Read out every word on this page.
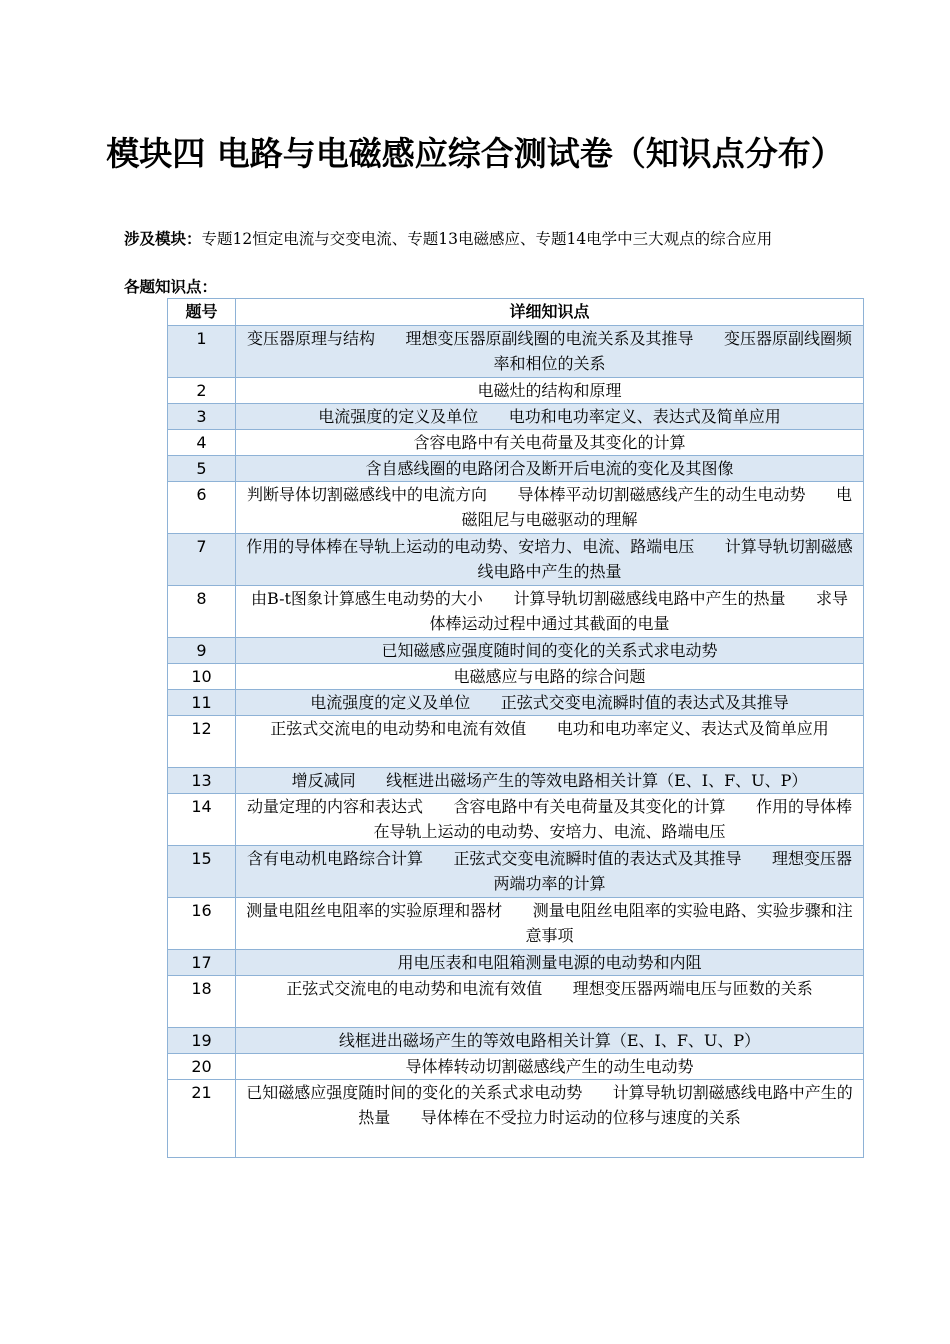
模块四 电路与电磁感应综合测试卷（知识点分布）

涉及模块：专题12恒定电流与交变电流、专题13电磁感应、专题14电学中三大观点的综合应用

各题知识点：

题号	详细知识点
1	变压器原理与结构      理想变压器原副线圈的电流关系及其推导      变压器原副线圈频率和相位的关系
2	电磁灶的结构和原理
3	电流强度的定义及单位      电功和电功率定义、表达式及简单应用
4	含容电路中有关电荷量及其变化的计算
5	含自感线圈的电路闭合及断开后电流的变化及其图像
6	判断导体切割磁感线中的电流方向      导体棒平动切割磁感线产生的动生电动势      电磁阻尼与电磁驱动的理解
7	作用的导体棒在导轨上运动的电动势、安培力、电流、路端电压      计算导轨切割磁感线电路中产生的热量
8	由B-t图象计算感生电动势的大小      计算导轨切割磁感线电路中产生的热量      求导体棒运动过程中通过其截面的电量
9	已知磁感应强度随时间的变化的关系式求电动势
10	电磁感应与电路的综合问题
11	电流强度的定义及单位      正弦式交变电流瞬时值的表达式及其推导
12	正弦式交流电的电动势和电流有效值      电功和电功率定义、表达式及简单应用
13	增反减同      线框进出磁场产生的等效电路相关计算（E、I、F、U、P）
14	动量定理的内容和表达式      含容电路中有关电荷量及其变化的计算      作用的导体棒在导轨上运动的电动势、安培力、电流、路端电压
15	含有电动机电路综合计算      正弦式交变电流瞬时值的表达式及其推导      理想变压器两端功率的计算
16	测量电阻丝电阻率的实验原理和器材      测量电阻丝电阻率的实验电路、实验步骤和注意事项
17	用电压表和电阻箱测量电源的电动势和内阻
18	正弦式交流电的电动势和电流有效值      理想变压器两端电压与匝数的关系
19	线框进出磁场产生的等效电路相关计算（E、I、F、U、P）
20	导体棒转动切割磁感线产生的动生电动势
21	已知磁感应强度随时间的变化的关系式求电动势      计算导轨切割磁感线电路中产生的热量      导体棒在不受拉力时运动的位移与速度的关系
